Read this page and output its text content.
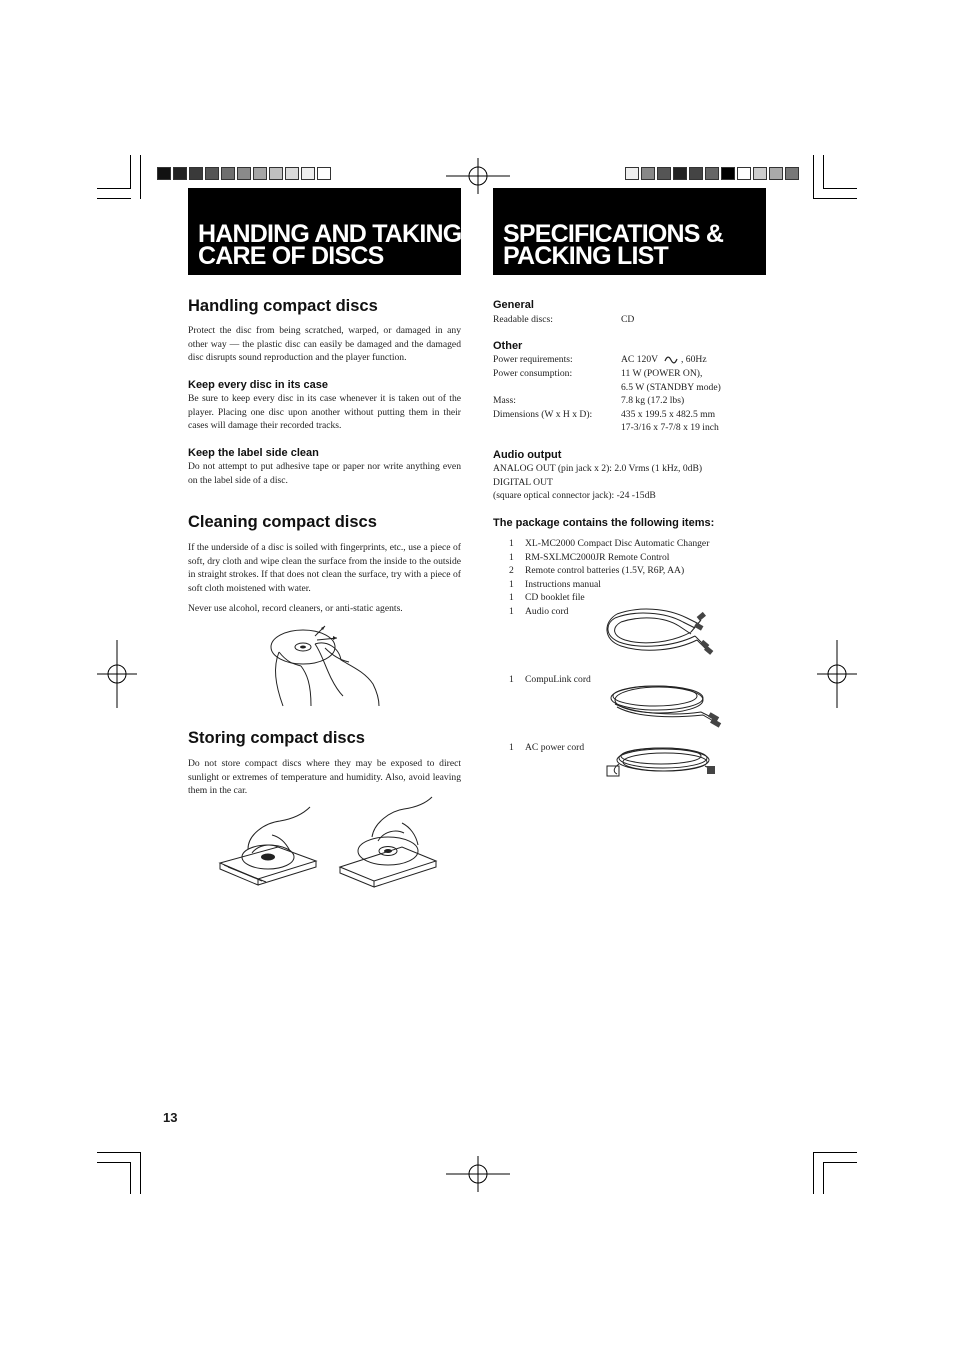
HANDING AND TAKING
CARE OF DISCS
Handling compact discs
Protect the disc from being scratched, warped, or damaged in any other way — the plastic disc can easily be damaged and the damaged disc disrupts sound reproduction and the player function.
Keep every disc in its case
Be sure to keep every disc in its case whenever it is taken out of the player. Placing one disc upon another without putting them in their cases will damage their recorded tracks.
Keep the label side clean
Do not attempt to put adhesive tape or paper nor write anything even on the label side of a disc.
Cleaning compact discs
If the underside of a disc is soiled with fingerprints, etc., use a piece of soft, dry cloth and wipe clean the surface from the inside to the outside in straight strokes. If that does not clean the surface, try with a piece of soft cloth moistened with water.
Never use alcohol, record cleaners, or anti-static agents.
Storing compact discs
Do not store compact discs where they may be exposed to direct sunlight or extremes of temperature and humidity. Also, avoid leaving them in the car.
13
SPECIFICATIONS &
PACKING LIST
General
Readable discs:	CD
Other
Power requirements:	AC 120V , 60Hz
Power consumption:	11 W (POWER ON),
6.5 W (STANDBY mode)
Mass:	7.8 kg (17.2 lbs)
Dimensions (W x H x D):	435 x 199.5 x 482.5 mm
17-3/16 x 7-7/8 x 19 inch
Audio output
ANALOG OUT (pin jack x 2): 2.0 Vrms (1 kHz, 0dB)
DIGITAL OUT
(square optical connector jack): -24 -15dB
The package contains the following items:
1 XL-MC2000 Compact Disc Automatic Changer
1 RM-SXLMC2000JR Remote Control
2 Remote control batteries (1.5V, R6P, AA)
1 Instructions manual
1 CD booklet file
1 Audio cord
1 CompuLink cord
1 AC power cord
